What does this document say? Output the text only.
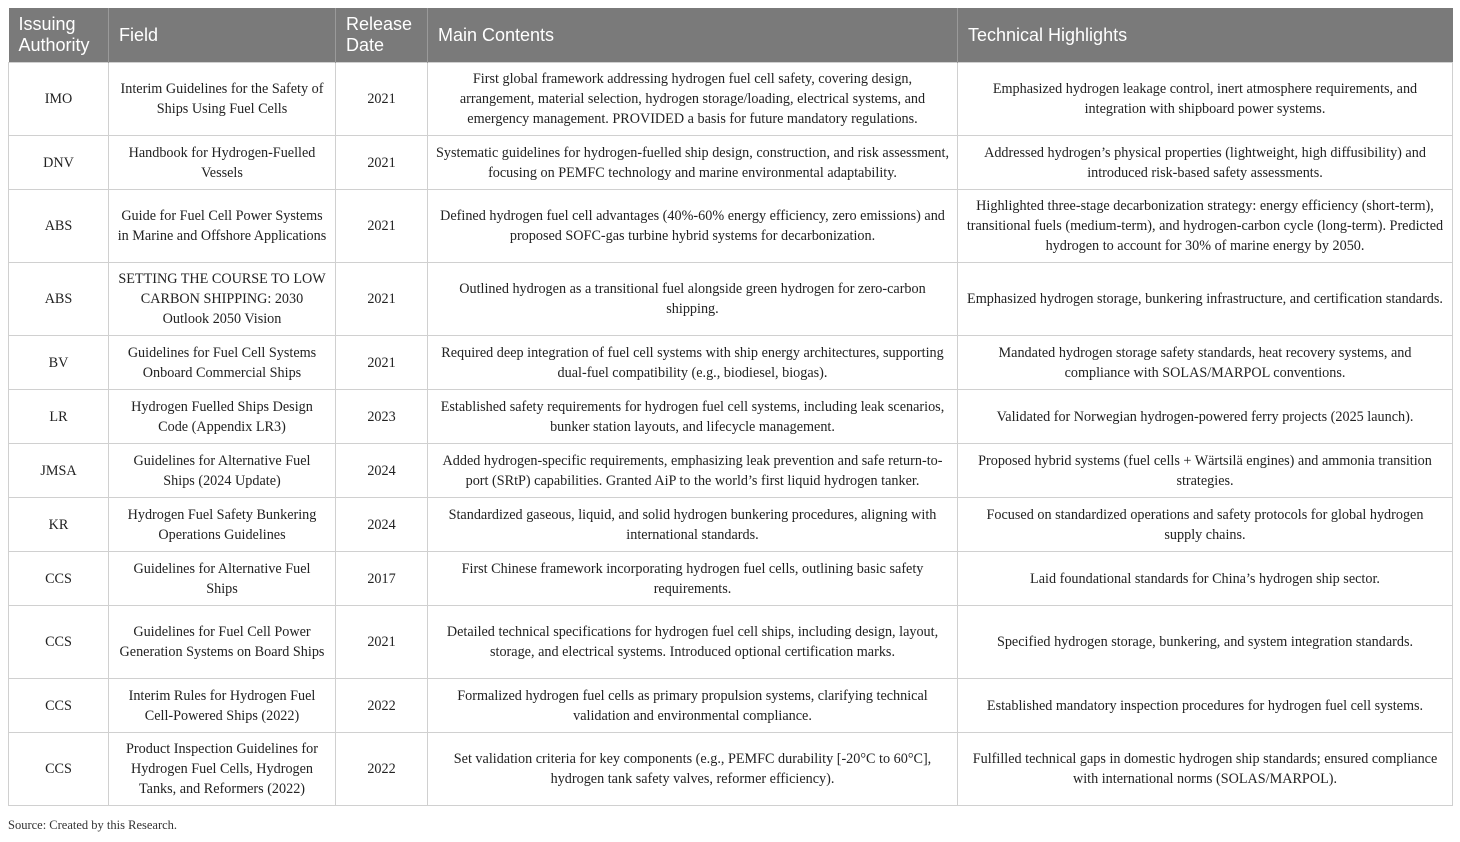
Issuing Authority	Field	Release Date	Main Contents	Technical Highlights
IMO	Interim Guidelines for the Safety of Ships Using Fuel Cells	2021	First global framework addressing hydrogen fuel cell safety, covering design, arrangement, material selection, hydrogen storage/loading, electrical systems, and emergency management. PROVIDED a basis for future mandatory regulations.	Emphasized hydrogen leakage control, inert atmosphere requirements, and integration with shipboard power systems.
DNV	Handbook for Hydrogen-Fuelled Vessels	2021	Systematic guidelines for hydrogen-fuelled ship design, construction, and risk assessment, focusing on PEMFC technology and marine environmental adaptability.	Addressed hydrogen’s physical properties (lightweight, high diffusibility) and introduced risk-based safety assessments.
ABS	Guide for Fuel Cell Power Systems in Marine and Offshore Applications	2021	Defined hydrogen fuel cell advantages (40%-60% energy efficiency, zero emissions) and proposed SOFC-gas turbine hybrid systems for decarbonization.	Highlighted three-stage decarbonization strategy: energy efficiency (short-term), transitional fuels (medium-term), and hydrogen-carbon cycle (long-term). Predicted hydrogen to account for 30% of marine energy by 2050.
ABS	SETTING THE COURSE TO LOW CARBON SHIPPING: 2030 Outlook 2050 Vision	2021	Outlined hydrogen as a transitional fuel alongside green hydrogen for zero-carbon shipping.	Emphasized hydrogen storage, bunkering infrastructure, and certification standards.
BV	Guidelines for Fuel Cell Systems Onboard Commercial Ships	2021	Required deep integration of fuel cell systems with ship energy architectures, supporting dual-fuel compatibility (e.g., biodiesel, biogas).	Mandated hydrogen storage safety standards, heat recovery systems, and compliance with SOLAS/MARPOL conventions.
LR	Hydrogen Fuelled Ships Design Code (Appendix LR3)	2023	Established safety requirements for hydrogen fuel cell systems, including leak scenarios, bunker station layouts, and lifecycle management.	Validated for Norwegian hydrogen-powered ferry projects (2025 launch).
JMSA	Guidelines for Alternative Fuel Ships (2024 Update)	2024	Added hydrogen-specific requirements, emphasizing leak prevention and safe return-to-port (SRtP) capabilities. Granted AiP to the world’s first liquid hydrogen tanker.	Proposed hybrid systems (fuel cells + Wärtsilä engines) and ammonia transition strategies.
KR	Hydrogen Fuel Safety Bunkering Operations Guidelines	2024	Standardized gaseous, liquid, and solid hydrogen bunkering procedures, aligning with international standards.	Focused on standardized operations and safety protocols for global hydrogen supply chains.
CCS	Guidelines for Alternative Fuel Ships	2017	First Chinese framework incorporating hydrogen fuel cells, outlining basic safety requirements.	Laid foundational standards for China’s hydrogen ship sector.
CCS	Guidelines for Fuel Cell Power Generation Systems on Board Ships	2021	Detailed technical specifications for hydrogen fuel cell ships, including design, layout, storage, and electrical systems. Introduced optional certification marks.	Specified hydrogen storage, bunkering, and system integration standards.
CCS	Interim Rules for Hydrogen Fuel Cell-Powered Ships (2022)	2022	Formalized hydrogen fuel cells as primary propulsion systems, clarifying technical validation and environmental compliance.	Established mandatory inspection procedures for hydrogen fuel cell systems.
CCS	Product Inspection Guidelines for Hydrogen Fuel Cells, Hydrogen Tanks, and Reformers (2022)	2022	Set validation criteria for key components (e.g., PEMFC durability [-20°C to 60°C], hydrogen tank safety valves, reformer efficiency).	Fulfilled technical gaps in domestic hydrogen ship standards; ensured compliance with international norms (SOLAS/MARPOL).
Source: Created by this Research.
